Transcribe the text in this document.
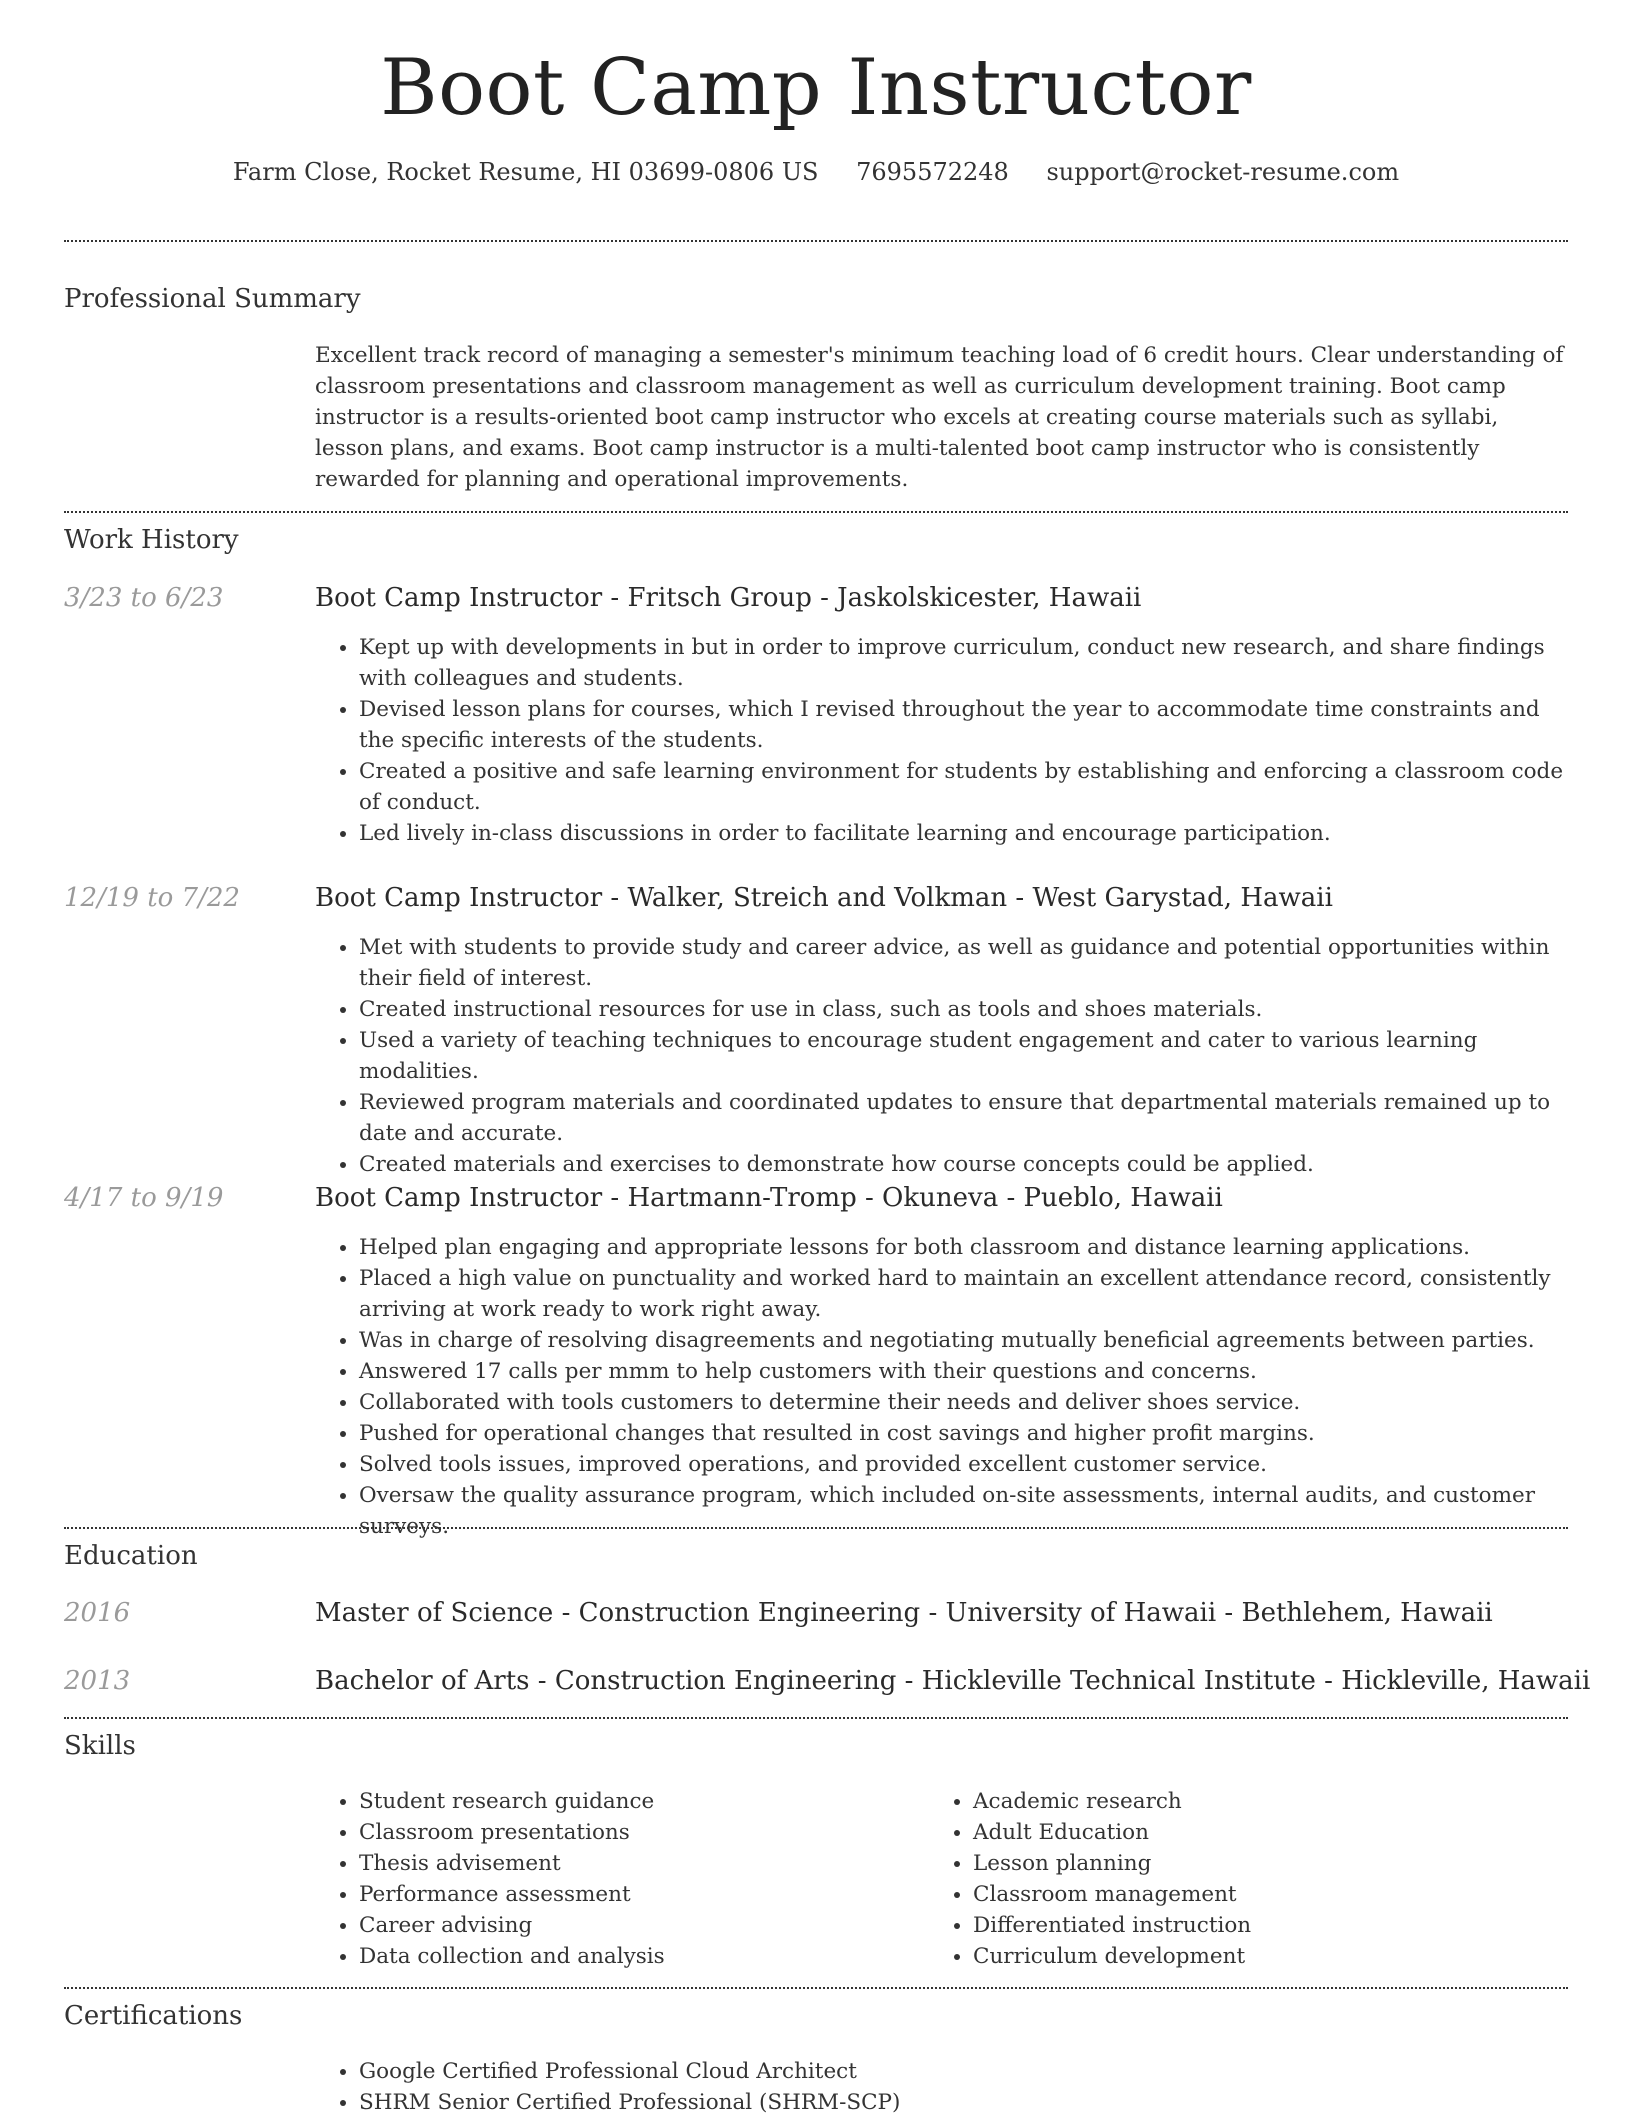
Boot Camp Instructor
Farm Close, Rocket Resume, HI 03699-0806 US 7695572248 support@rocket-resume.com
Professional Summary
Excellent track record of managing a semester's minimum teaching load of 6 credit hours. Clear understanding of classroom presentations and classroom management as well as curriculum development training. Boot camp instructor is a results-oriented boot camp instructor who excels at creating course materials such as syllabi, lesson plans, and exams. Boot camp instructor is a multi-talented boot camp instructor who is consistently rewarded for planning and operational improvements.
Work History
3/23 to 6/23	Boot Camp Instructor - Fritsch Group - Jaskolskicester, Hawaii
• Kept up with developments in but in order to improve curriculum, conduct new research, and share findings with colleagues and students.
• Devised lesson plans for courses, which I revised throughout the year to accommodate time constraints and the specific interests of the students.
• Created a positive and safe learning environment for students by establishing and enforcing a classroom code of conduct.
• Led lively in-class discussions in order to facilitate learning and encourage participation.
12/19 to 7/22	Boot Camp Instructor - Walker, Streich and Volkman - West Garystad, Hawaii
• Met with students to provide study and career advice, as well as guidance and potential opportunities within their field of interest.
• Created instructional resources for use in class, such as tools and shoes materials.
• Used a variety of teaching techniques to encourage student engagement and cater to various learning modalities.
• Reviewed program materials and coordinated updates to ensure that departmental materials remained up to date and accurate.
• Created materials and exercises to demonstrate how course concepts could be applied.
4/17 to 9/19	Boot Camp Instructor - Hartmann-Tromp - Okuneva - Pueblo, Hawaii
• Helped plan engaging and appropriate lessons for both classroom and distance learning applications.
• Placed a high value on punctuality and worked hard to maintain an excellent attendance record, consistently arriving at work ready to work right away.
• Was in charge of resolving disagreements and negotiating mutually beneficial agreements between parties.
• Answered 17 calls per mmm to help customers with their questions and concerns.
• Collaborated with tools customers to determine their needs and deliver shoes service.
• Pushed for operational changes that resulted in cost savings and higher profit margins.
• Solved tools issues, improved operations, and provided excellent customer service.
• Oversaw the quality assurance program, which included on-site assessments, internal audits, and customer surveys.
Education
2016	Master of Science - Construction Engineering - University of Hawaii - Bethlehem, Hawaii
2013	Bachelor of Arts - Construction Engineering - Hickleville Technical Institute - Hickleville, Hawaii
Skills
• Student research guidance
• Classroom presentations
• Thesis advisement
• Performance assessment
• Career advising
• Data collection and analysis
• Academic research
• Adult Education
• Lesson planning
• Classroom management
• Differentiated instruction
• Curriculum development
Certifications
• Google Certified Professional Cloud Architect
• SHRM Senior Certified Professional (SHRM-SCP)
